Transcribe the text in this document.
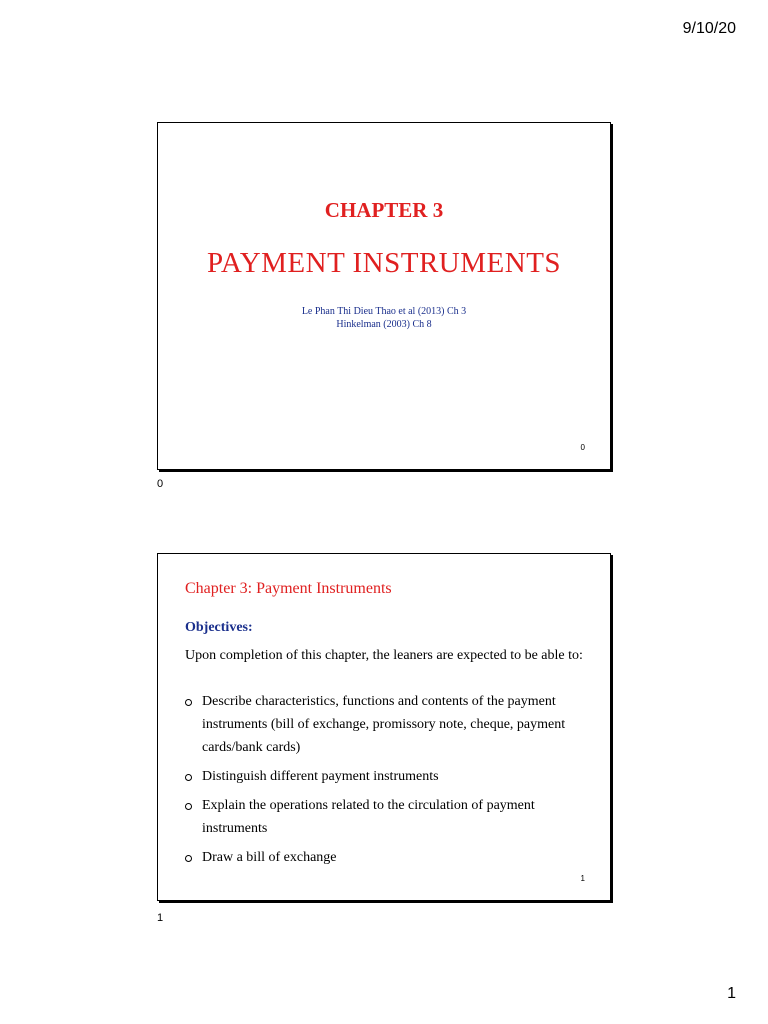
9/10/20
CHAPTER 3
PAYMENT INSTRUMENTS
Le Phan Thi Dieu Thao et al (2013) Ch 3
Hinkelman (2003) Ch 8
0
0
Chapter 3: Payment Instruments
Objectives:
Upon completion of this chapter, the leaners are expected to be able to:
Describe characteristics, functions and contents of the payment instruments (bill of exchange, promissory note, cheque, payment cards/bank cards)
Distinguish different payment instruments
Explain the operations related to the circulation of payment instruments
Draw a bill of exchange
1
1
1
